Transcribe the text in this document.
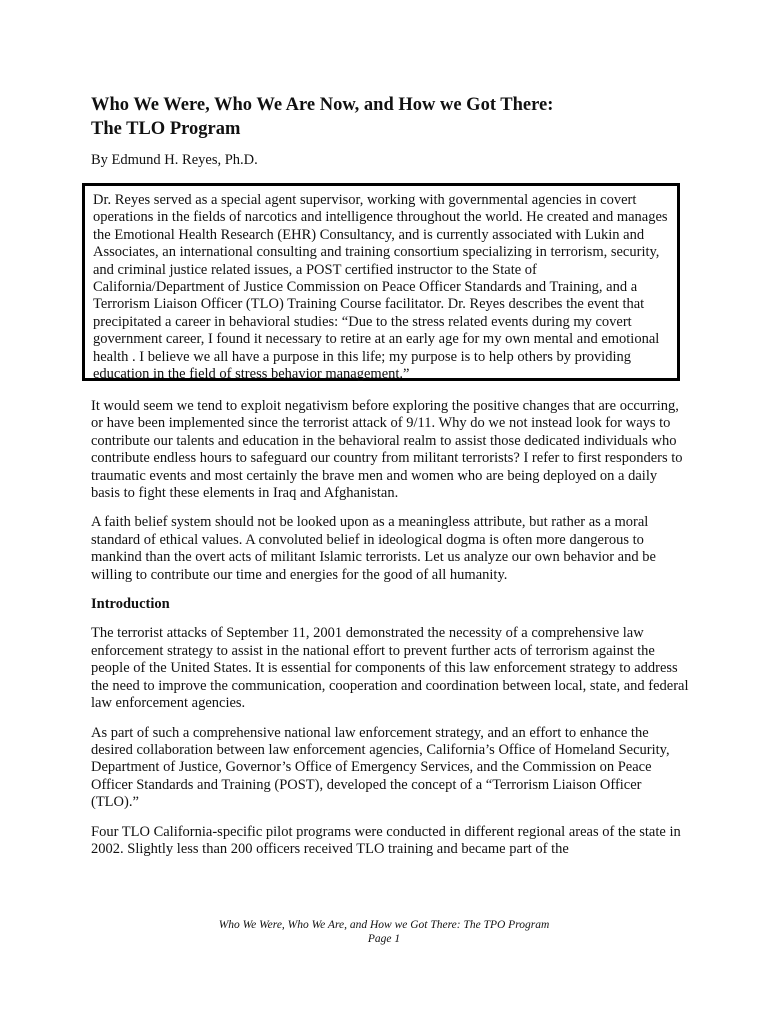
Who We Were, Who We Are Now, and How we Got There:
The TLO Program

By Edmund H. Reyes, Ph.D.

Dr. Reyes served as a special agent supervisor, working with governmental agencies in covert operations in the fields of narcotics and intelligence throughout the world. He created and manages the Emotional Health Research (EHR) Consultancy, and is currently associated with Lukin and Associates, an international consulting and training consortium specializing in terrorism, security, and criminal justice related issues, a POST certified instructor to the State of California/Department of Justice Commission on Peace Officer Standards and Training, and a Terrorism Liaison Officer (TLO) Training Course facilitator. Dr. Reyes describes the event that precipitated a career in behavioral studies: “Due to the stress related events during my covert government career, I found it necessary to retire at an early age for my own mental and emotional health . I believe we all have a purpose in this life; my purpose is to help others by providing education in the field of stress behavior management.”

It would seem we tend to exploit negativism before exploring the positive changes that are occurring, or have been implemented since the terrorist attack of 9/11. Why do we not instead look for ways to contribute our talents and education in the behavioral realm to assist those dedicated individuals who contribute endless hours to safeguard our country from militant terrorists? I refer to first responders to traumatic events and most certainly the brave men and women who are being deployed on a daily basis to fight these elements in Iraq and Afghanistan.

A faith belief system should not be looked upon as a meaningless attribute, but rather as a moral standard of ethical values. A convoluted belief in ideological dogma is often more dangerous to mankind than the overt acts of militant Islamic terrorists. Let us analyze our own behavior and be willing to contribute our time and energies for the good of all humanity.

Introduction

The terrorist attacks of September 11, 2001 demonstrated the necessity of a comprehensive law enforcement strategy to assist in the national effort to prevent further acts of terrorism against the people of the United States. It is essential for components of this law enforcement strategy to address the need to improve the communication, cooperation and coordination between local, state, and federal law enforcement agencies.

As part of such a comprehensive national law enforcement strategy, and an effort to enhance the desired collaboration between law enforcement agencies, California’s Office of Homeland Security, Department of Justice, Governor’s Office of Emergency Services, and the Commission on Peace Officer Standards and Training (POST), developed the concept of a “Terrorism Liaison Officer (TLO).”

Four TLO California-specific pilot programs were conducted in different regional areas of the state in 2002. Slightly less than 200 officers received TLO training and became part of the

Who We Were, Who We Are, and How we Got There: The TPO Program
Page 1
